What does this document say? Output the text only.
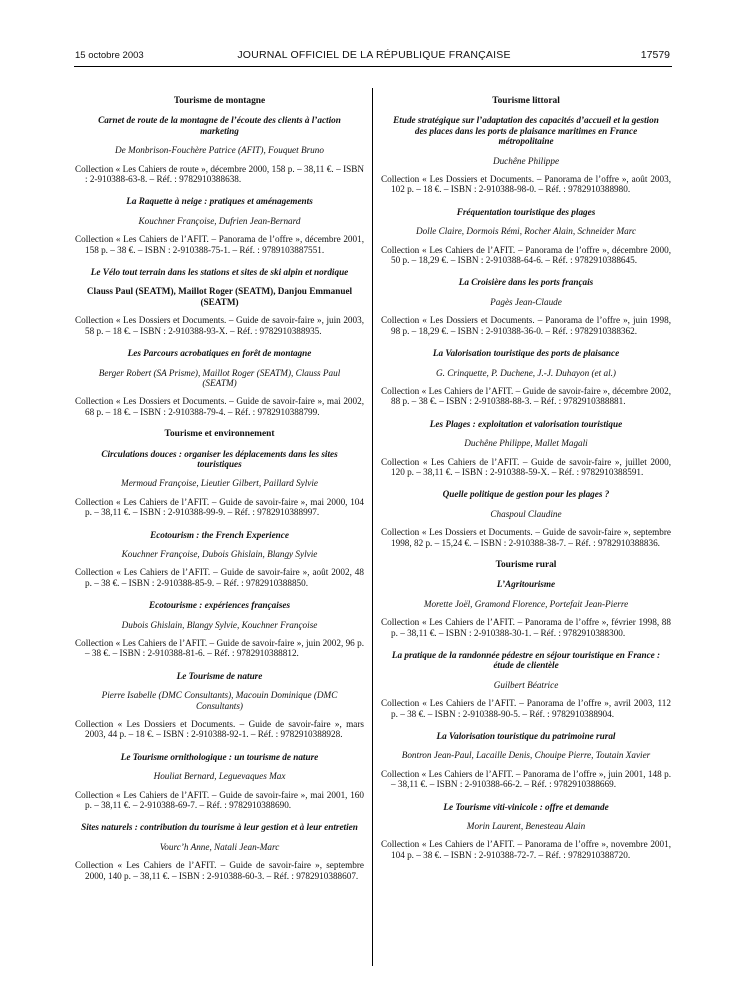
15 octobre 2003	JOURNAL OFFICIEL DE LA RÉPUBLIQUE FRANÇAISE	17579
Tourisme de montagne
Carnet de route de la montagne de l’écoute des clients à l’action marketing
De Monbrison-Fouchère Patrice (AFIT), Fouquet Bruno
Collection « Les Cahiers de route », décembre 2000, 158 p. – 38,11 €. – ISBN : 2-910388-63-8. – Réf. : 9782910388638.
La Raquette à neige : pratiques et aménagements
Kouchner Françoise, Dufrien Jean-Bernard
Collection « Les Cahiers de l’AFIT. – Panorama de l’offre », décembre 2001, 158 p. – 38 €. – ISBN : 2-910388-75-1. – Réf. : 9789103887551.
Le Vélo tout terrain dans les stations et sites de ski alpin et nordique
Clauss Paul (SEATM), Maillot Roger (SEATM), Danjou Emmanuel (SEATM)
Collection « Les Dossiers et Documents. – Guide de savoir-faire », juin 2003, 58 p. – 18 €. – ISBN : 2-910388-93-X. – Réf. : 9782910388935.
Les Parcours acrobatiques en forêt de montagne
Berger Robert (SA Prisme), Maillot Roger (SEATM), Clauss Paul (SEATM)
Collection « Les Dossiers et Documents. – Guide de savoir-faire », mai 2002, 68 p. – 18 €. – ISBN : 2-910388-79-4. – Réf. : 9782910388799.
Tourisme et environnement
Circulations douces : organiser les déplacements dans les sites touristiques
Mermoud Françoise, Lieutier Gilbert, Paillard Sylvie
Collection « Les Cahiers de l’AFIT. – Guide de savoir-faire », mai 2000, 104 p. – 38,11 €. – ISBN : 2-910388-99-9. – Réf. : 9782910388997.
Ecotourism : the French Experience
Kouchner Françoise, Dubois Ghislain, Blangy Sylvie
Collection « Les Cahiers de l’AFIT. – Guide de savoir-faire », août 2002, 48 p. – 38 €. – ISBN : 2-910388-85-9. – Réf. : 9782910388850.
Ecotourisme : expériences françaises
Dubois Ghislain, Blangy Sylvie, Kouchner Françoise
Collection « Les Cahiers de l’AFIT. – Guide de savoir-faire », juin 2002, 96 p. – 38 €. – ISBN : 2-910388-81-6. – Réf. : 9782910388812.
Le Tourisme de nature
Pierre Isabelle (DMC Consultants), Macouin Dominique (DMC Consultants)
Collection « Les Dossiers et Documents. – Guide de savoir-faire », mars 2003, 44 p. – 18 €. – ISBN : 2-910388-92-1. – Réf. : 9782910388928.
Le Tourisme ornithologique : un tourisme de nature
Houliat Bernard, Leguevaques Max
Collection « Les Cahiers de l’AFIT. – Guide de savoir-faire », mai 2001, 160 p. – 38,11 €. – 2-910388-69-7. – Réf. : 9782910388690.
Sites naturels : contribution du tourisme à leur gestion et à leur entretien
Vourc’h Anne, Natali Jean-Marc
Collection « Les Cahiers de l’AFIT. – Guide de savoir-faire », septembre 2000, 140 p. – 38,11 €. – ISBN : 2-910388-60-3. – Réf. : 9782910388607.
Tourisme littoral
Etude stratégique sur l’adaptation des capacités d’accueil et la gestion des places dans les ports de plaisance maritimes en France métropolitaine
Duchêne Philippe
Collection « Les Dossiers et Documents. – Panorama de l’offre », août 2003, 102 p. – 18 €. – ISBN : 2-910388-98-0. – Réf. : 9782910388980.
Fréquentation touristique des plages
Dolle Claire, Dormois Rémi, Rocher Alain, Schneider Marc
Collection « Les Cahiers de l’AFIT. – Panorama de l’offre », décembre 2000, 50 p. – 18,29 €. – ISBN : 2-910388-64-6. – Réf. : 9782910388645.
La Croisière dans les ports français
Pagès Jean-Claude
Collection « Les Dossiers et Documents. – Panorama de l’offre », juin 1998, 98 p. – 18,29 €. – ISBN : 2-910388-36-0. – Réf. : 9782910388362.
La Valorisation touristique des ports de plaisance
G. Crinquette, P. Duchene, J.-J. Duhayon (et al.)
Collection « Les Cahiers de l’AFIT. – Guide de savoir-faire », décembre 2002, 88 p. – 38 €. – ISBN : 2-910388-88-3. – Réf. : 9782910388881.
Les Plages : exploitation et valorisation touristique
Duchêne Philippe, Mallet Magali
Collection « Les Cahiers de l’AFIT. – Guide de savoir-faire », juillet 2000, 120 p. – 38,11 €. – ISBN : 2-910388-59-X. – Réf. : 9782910388591.
Quelle politique de gestion pour les plages ?
Chaspoul Claudine
Collection « Les Dossiers et Documents. – Guide de savoir-faire », septembre 1998, 82 p. – 15,24 €. – ISBN : 2-910388-38-7. – Réf. : 9782910388836.
Tourisme rural
L’Agritourisme
Morette Joël, Gramond Florence, Portefait Jean-Pierre
Collection « Les Cahiers de l’AFIT. – Panorama de l’offre », février 1998, 88 p. – 38,11 €. – ISBN : 2-910388-30-1. – Réf. : 9782910388300.
La pratique de la randonnée pédestre en séjour touristique en France : étude de clientèle
Guilbert Béatrice
Collection « Les Cahiers de l’AFIT. – Panorama de l’offre », avril 2003, 112 p. – 38 €. – ISBN : 2-910388-90-5. – Réf. : 9782910388904.
La Valorisation touristique du patrimoine rural
Bontron Jean-Paul, Lacaille Denis, Chouipe Pierre, Toutain Xavier
Collection « Les Cahiers de l’AFIT. – Panorama de l’offre », juin 2001, 148 p. – 38,11 €. – ISBN : 2-910388-66-2. – Réf. : 9782910388669.
Le Tourisme viti-vinicole : offre et demande
Morin Laurent, Benesteau Alain
Collection « Les Cahiers de l’AFIT. – Panorama de l’offre », novembre 2001, 104 p. – 38 €. – ISBN : 2-910388-72-7. – Réf. : 9782910388720.
